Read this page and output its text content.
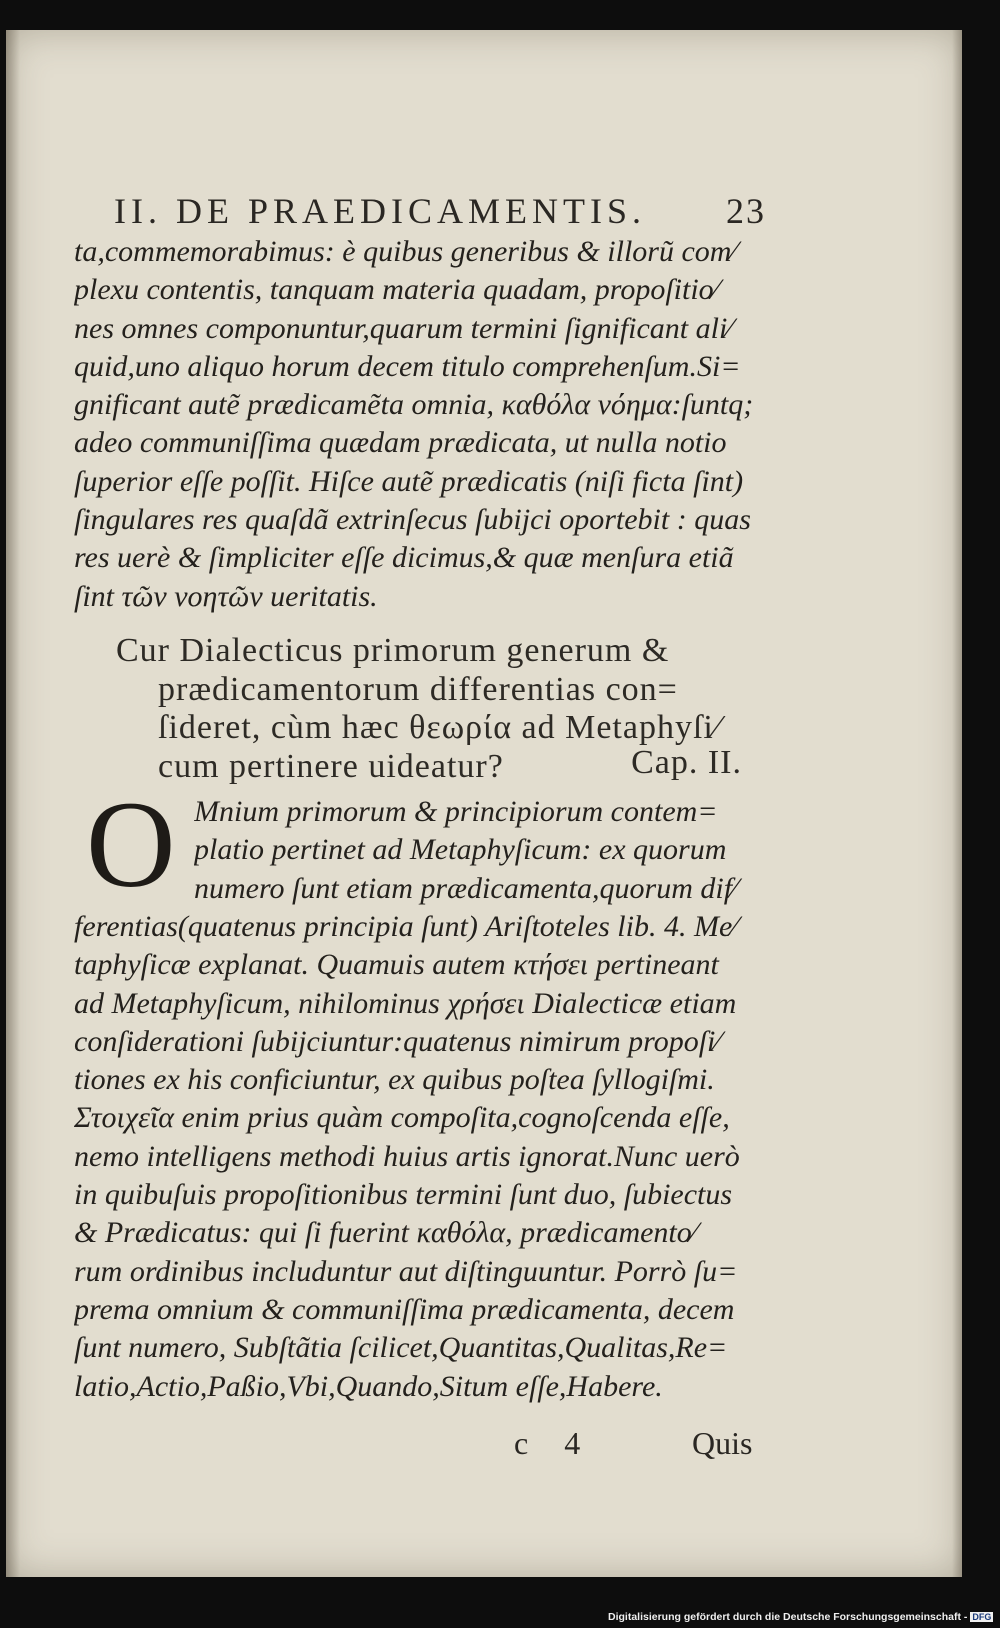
II. DE PRAEDICAMENTIS. 23
ta,commemorabimus: è quibus generibus & illorũ com⁄
plexu contentis, tanquam materia quadam, propoſitio⁄
nes omnes componuntur,quarum termini ſignificant ali⁄
quid,uno aliquo horum decem titulo comprehenſum.Si=
gnificant autẽ prædicamẽta omnia, καθόλα νόημα:ſuntq;
adeo communiſſima quædam prædicata, ut nulla notio
ſuperior eſſe poſſit. Hiſce autẽ prædicatis (niſi ficta ſint)
ſingulares res quaſdã extrinſecus ſubijci oportebit : quas
res uerè & ſimpliciter eſſe dicimus,& quæ menſura etiã
ſint τῶν νοητῶν ueritatis.
Cur Dialecticus primorum generum &
prædicamentorum differentias con=
ſideret, cùm hæc θεωρία ad Metaphyſi⁄
cum pertinere uideatur?	Cap. II.
O Mnium primorum & principiorum contem=
platio pertinet ad Metaphyſicum: ex quorum
numero ſunt etiam prædicamenta,quorum dif⁄
ferentias(quatenus principia ſunt) Ariſtoteles lib. 4. Me⁄
taphyſicæ explanat. Quamuis autem κτήσει pertineant
ad Metaphyſicum, nihilominus χρήσει Dialecticæ etiam
conſiderationi ſubijciuntur:quatenus nimirum propoſi⁄
tiones ex his conficiuntur, ex quibus poſtea ſyllogiſmi.
Στοιχεῖα enim prius quàm compoſita,cognoſcenda eſſe,
nemo intelligens methodi huius artis ignorat.Nunc uerò
in quibuſuis propoſitionibus termini ſunt duo, ſubiectus
& Prædicatus: qui ſi fuerint καθόλα, prædicamento⁄
rum ordinibus includuntur aut diſtinguuntur. Porrò ſu=
prema omnium & communiſſima prædicamenta, decem
ſunt numero, Subſtãtia ſcilicet,Quantitas,Qualitas,Re=
latio,Actio,Paßio,Vbi,Quando,Situm eſſe,Habere.
c 4	Quis
Digitalisierung gefördert durch die Deutsche Forschungsgemeinschaft - DFG
